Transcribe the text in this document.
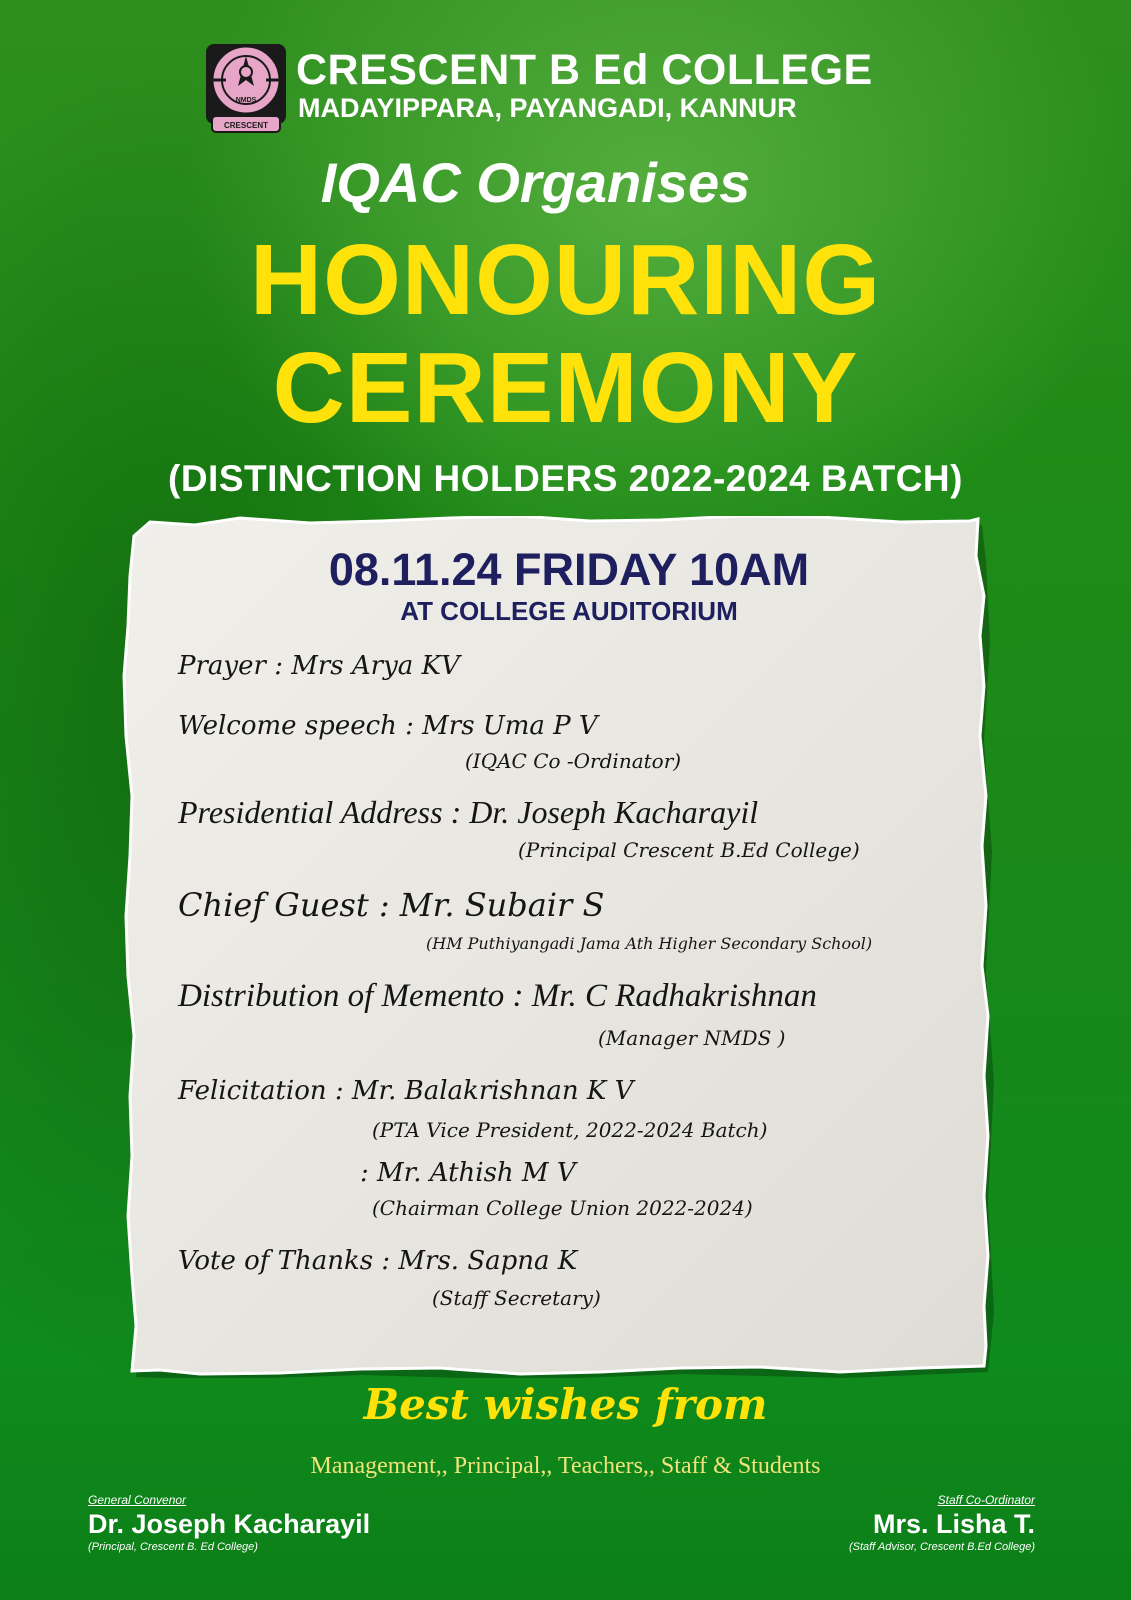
NMDS
CRESCENT
CRESCENT B Ed COLLEGE
MADAYIPPARA, PAYANGADI, KANNUR
IQAC Organises
HONOURING
CEREMONY
(DISTINCTION HOLDERS 2022-2024 BATCH)
08.11.24 FRIDAY 10AM
AT COLLEGE AUDITORIUM
Prayer : Mrs Arya KV
Welcome speech : Mrs Uma P V
(IQAC Co -Ordinator)
Presidential Address : Dr. Joseph Kacharayil
(Principal Crescent B.Ed College)
Chief Guest : Mr. Subair S
(HM Puthiyangadi Jama Ath Higher Secondary School)
Distribution of Memento : Mr. C Radhakrishnan
(Manager NMDS )
Felicitation : Mr. Balakrishnan K V
(PTA Vice President, 2022-2024 Batch)
: Mr. Athish M V
(Chairman College Union 2022-2024)
Vote of Thanks : Mrs. Sapna K
(Staff Secretary)
Best wishes from
Management,, Principal,, Teachers,, Staff & Students
General Convenor
Dr. Joseph Kacharayil
(Principal, Crescent B. Ed College)
Staff Co-Ordinator
Mrs. Lisha T.
(Staff Advisor, Crescent B.Ed College)
